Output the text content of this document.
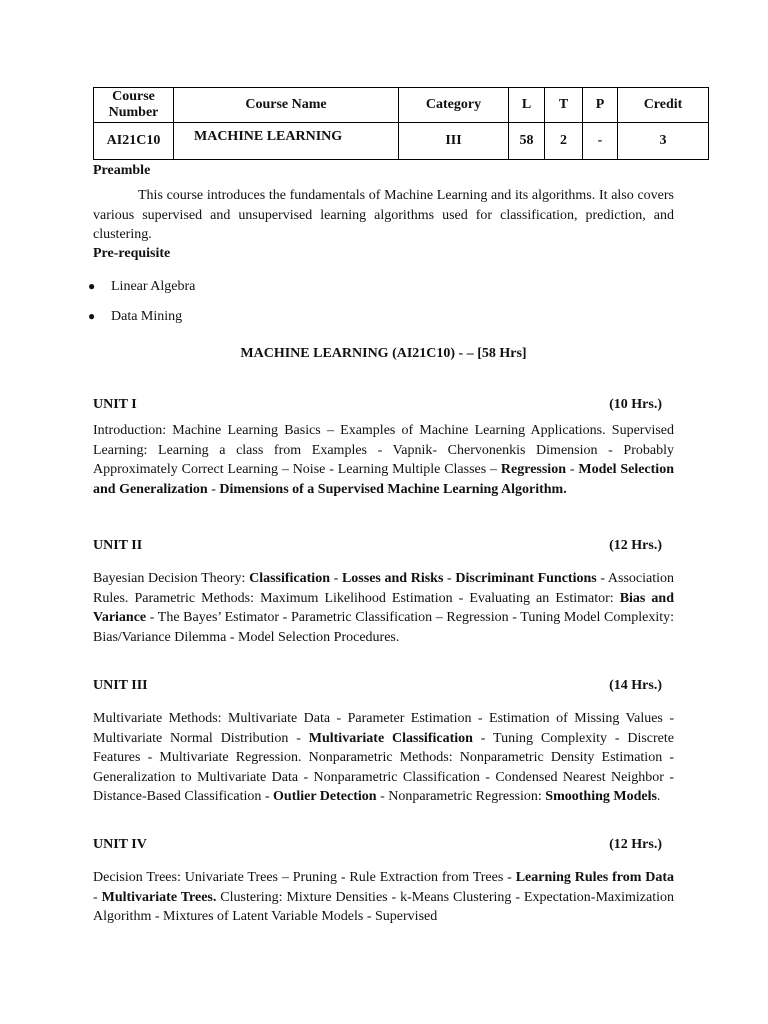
Course Number	Course Name	Category	L	T	P	Credit
AI21C10	MACHINE LEARNING	III	58	2	-	3
Preamble
This course introduces the fundamentals of Machine Learning and its algorithms. It also covers various supervised and unsupervised learning algorithms used for classification, prediction, and clustering.
Pre-requisite
● Linear Algebra
● Data Mining
MACHINE LEARNING (AI21C10) - – [58 Hrs]
UNIT I	(10 Hrs.)
Introduction: Machine Learning Basics – Examples of Machine Learning Applications. Supervised Learning: Learning a class from Examples - Vapnik- Chervonenkis Dimension - Probably Approximately Correct Learning – Noise - Learning Multiple Classes – Regression - Model Selection and Generalization - Dimensions of a Supervised Machine Learning Algorithm.
UNIT II	(12 Hrs.)
Bayesian Decision Theory: Classification - Losses and Risks - Discriminant Functions - Association Rules. Parametric Methods: Maximum Likelihood Estimation - Evaluating an Estimator: Bias and Variance - The Bayes’ Estimator - Parametric Classification – Regression - Tuning Model Complexity: Bias/Variance Dilemma - Model Selection Procedures.
UNIT III	(14 Hrs.)
Multivariate Methods: Multivariate Data - Parameter Estimation - Estimation of Missing Values - Multivariate Normal Distribution - Multivariate Classification - Tuning Complexity - Discrete Features - Multivariate Regression. Nonparametric Methods: Nonparametric Density Estimation - Generalization to Multivariate Data - Nonparametric Classification - Condensed Nearest Neighbor - Distance-Based Classification - Outlier Detection - Nonparametric Regression: Smoothing Models.
UNIT IV	(12 Hrs.)
Decision Trees: Univariate Trees – Pruning - Rule Extraction from Trees - Learning Rules from Data - Multivariate Trees. Clustering: Mixture Densities - k-Means Clustering - Expectation-Maximization Algorithm - Mixtures of Latent Variable Models - Supervised
